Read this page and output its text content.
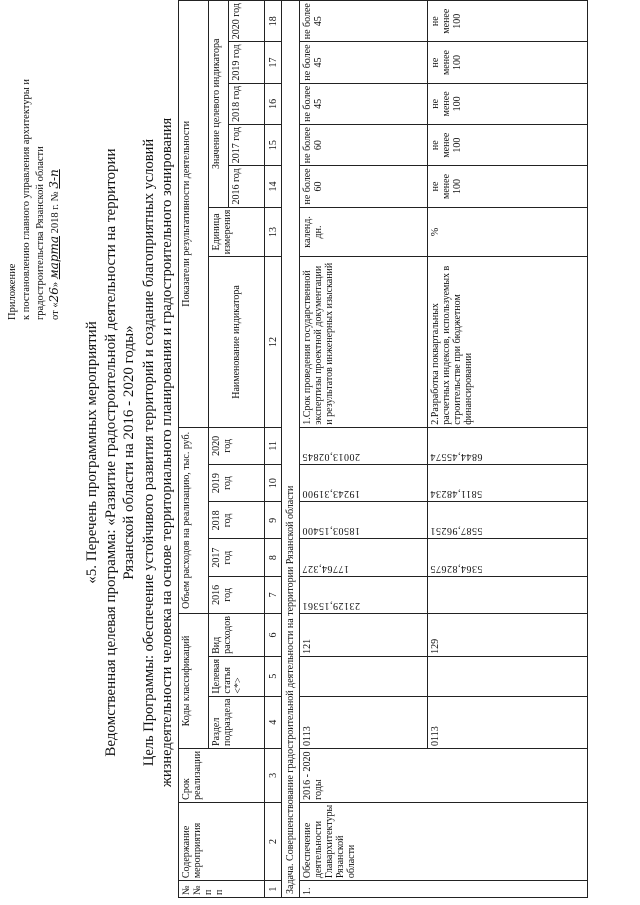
Приложение к постановлению главного управления архитектуры и градостроительства Рязанской области от «26» марта 2018 г. № 3-п
«5. Перечень программных мероприятий Ведомственная целевая программа: «Развитие градостроительной деятельности на территории Рязанской области на 2016 - 2020 годы» Цель Программы: обеспечение устойчивого развития территорий и создание благоприятных условий жизнедеятельности человека на основе территориального планирования и градостроительного зонирования
№ № п п	Содержание мероприятия	Срок реализации	Коды классификаций			Объем расходов на реализацию, тыс. руб.					Показатели результативности деятельности						
			Раздел подраздела	Целевая статья <*>	Вид расходов	2016 год	2017 год	2018 год	2019 год	2020 год	Наименование индикатора	Единица измерения	Значение целевого индикатора				
													2016 год	2017 год	2018 год	2019 год	2020 год
1	2	3	4	5	6	7	8	9	10	11	12	13	14	15	16	17	18
Задача. Совершенствование градостроительной деятельности на территории Рязанской области																	
1.	Обеспечение деятельности Главархитектуры Рязанской области	2016 - 2020 годы	0113		121	23129,15361	17764,327	18503,15400	19243,31900	20013,02845	1.Срок проведения государственной экспертизы проектной документации и результатов инженерных изысканий	календ. дн.	не более 60	не более 60	не более 45	не более 45	не более 45
			0113		129		5364,82675	5587,96251	5811,48234	6844,45574	2.Разработка поквартальных расчетных индексов, используемых в строительстве при бюджетном финансировании	%	не менее 100	не менее 100	не менее 100	не менее 100	не менее 100
